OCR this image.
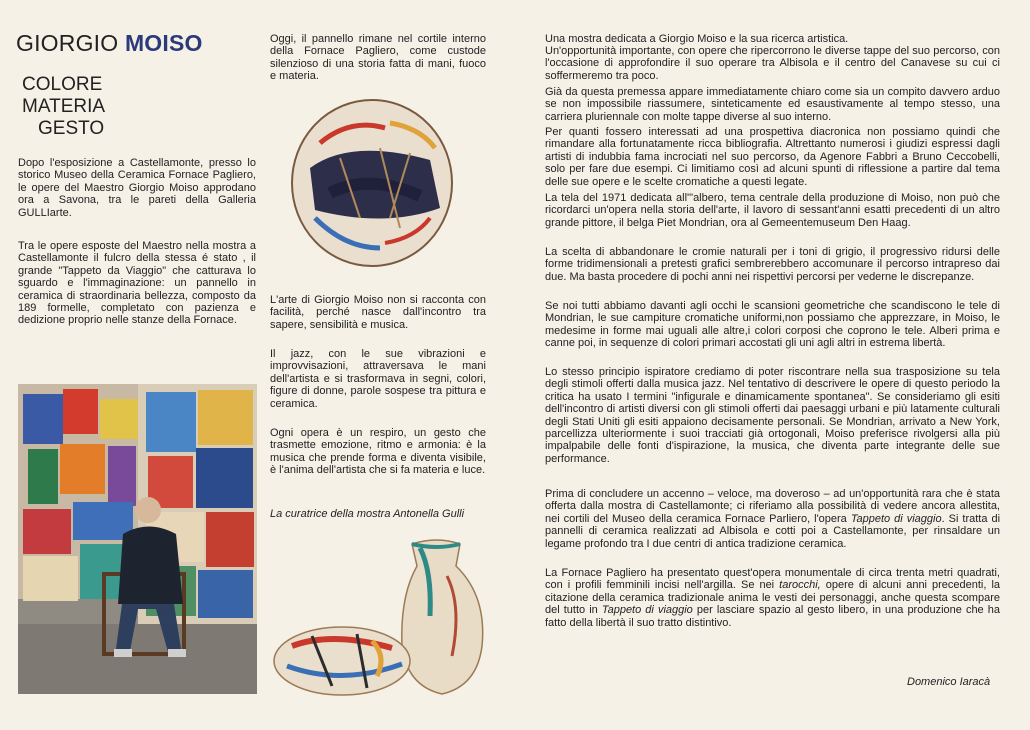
GIORGIO MOISO
COLORE
MATERIA
GESTO

Dopo l'esposizione a Castellamonte, presso lo storico Museo della Ceramica Fornace Pagliero, le opere del Maestro Giorgio Moiso approdano ora a Savona, tra le pareti della Galleria GULLIarte.

Tra le opere esposte del Maestro nella mostra a Castellamonte il fulcro della stessa é stato , il grande "Tappeto da Viaggio" che catturava lo sguardo e l'immaginazione: un pannello in ceramica di straordinaria bellezza, composto da 189 formelle, completato con pazienza e dedizione proprio nelle stanze della Fornace.

Oggi, il pannello rimane nel cortile interno della Fornace Pagliero, come custode silenzioso di una storia fatta di mani, fuoco e materia.

L'arte di Giorgio Moiso non si racconta con facilità, perché nasce dall'incontro tra sapere, sensibilità e musica.

Il jazz, con le sue vibrazioni e improvvisazioni, attraversava le mani dell'artista e si trasformava in segni, colori, figure di donne, parole sospese tra pittura e ceramica.

Ogni opera è un respiro, un gesto che trasmette emozione, ritmo e armonia: è la musica che prende forma e diventa visibile, è l'anima dell'artista che si fa materia e luce.

La curatrice della mostra Antonella Gulli

Una mostra dedicata a Giorgio Moiso e la sua ricerca artistica.

Un'opportunità importante, con opere che ripercorrono le diverse tappe del suo percorso, con l'occasione di approfondire il suo operare tra Albisola e il centro del Canavese su cui ci soffermeremo tra poco.

Già da questa premessa appare immediatamente chiaro come sia un compito davvero arduo se non impossibile riassumere, sinteticamente ed esaustivamente al tempo stesso, una carriera pluriennale con molte tappe diverse al suo interno.

Per quanti fossero interessati ad una prospettiva diacronica non possiamo quindi che rimandare alla fortunatamente ricca bibliografia. Altrettanto numerosi i giudizi espressi dagli artisti di indubbia fama incrociati nel suo percorso, da Agenore Fabbri a Bruno Ceccobelli, solo per fare due esempi. Ci limitiamo così ad alcuni spunti di riflessione a partire dal tema delle sue opere e le scelte cromatiche a questi legate.

La tela del 1971 dedicata all'"albero, tema centrale della produzione di Moiso, non può che ricordarci un'opera nella storia dell'arte, il lavoro di sessant'anni esatti precedenti di un altro grande pittore, il belga Piet Mondrian, ora al Gemeentemuseum Den Haag.

La scelta di abbandonare le cromie naturali per i toni di grigio, il progressivo ridursi delle forme tridimensionali a pretesti grafici sembrerebbero accomunare il percorso intrapreso dai due. Ma basta procedere di pochi anni nei rispettivi percorsi per vederne le discrepanze.

Se noi tutti abbiamo davanti agli occhi le scansioni geometriche che scandiscono le tele di Mondrian, le sue campiture cromatiche uniformi,non possiamo che apprezzare, in Moiso, le medesime in forme mai uguali alle altre,i colori corposi che coprono le tele. Alberi prima e canne poi, in sequenze di colori primari accostati gli uni agli altri in estrema libertà.

Lo stesso principio ispiratore crediamo di poter riscontrare nella sua trasposizione su tela degli stimoli offerti dalla musica jazz. Nel tentativo di descrivere le opere di questo periodo la critica ha usato I termini "infigurale e dinamicamente spontanea". Se consideriamo gli esiti dell'incontro di artisti diversi con gli stimoli offerti dai paesaggi urbani e più latamente culturali degli Stati Uniti gli esiti appaiono decisamente personali. Se Mondrian, arrivato a New York, parcellizza ulteriormente i suoi tracciati già ortogonali, Moiso preferisce rivolgersi alla più impalpabile delle fonti d'ispirazione, la musica, che diventa parte integrante delle sue performance.

Prima di concludere un accenno – veloce, ma doveroso – ad un'opportunità rara che è stata offerta dalla mostra di Castellamonte; ci riferiamo alla possibilità di vedere ancora allestita, nei cortili del Museo della ceramica Fornace Parliero, l'opera Tappeto di viaggio. Si tratta di pannelli di ceramica realizzati ad Albisola e cotti poi a Castellamonte, per rinsaldare un legame profondo tra I due centri di antica tradizione ceramica.

La Fornace Pagliero ha presentato quest'opera monumentale di circa trenta metri quadrati, con i profili femminili incisi nell'argilla. Se nei tarocchi, opere di alcuni anni precedenti, la citazione della ceramica tradizionale anima le vesti dei personaggi, anche questa scompare del tutto in Tappeto di viaggio per lasciare spazio al gesto libero, in una produzione che ha fatto della libertà il suo tratto distintivo.

Domenico Iaracà
